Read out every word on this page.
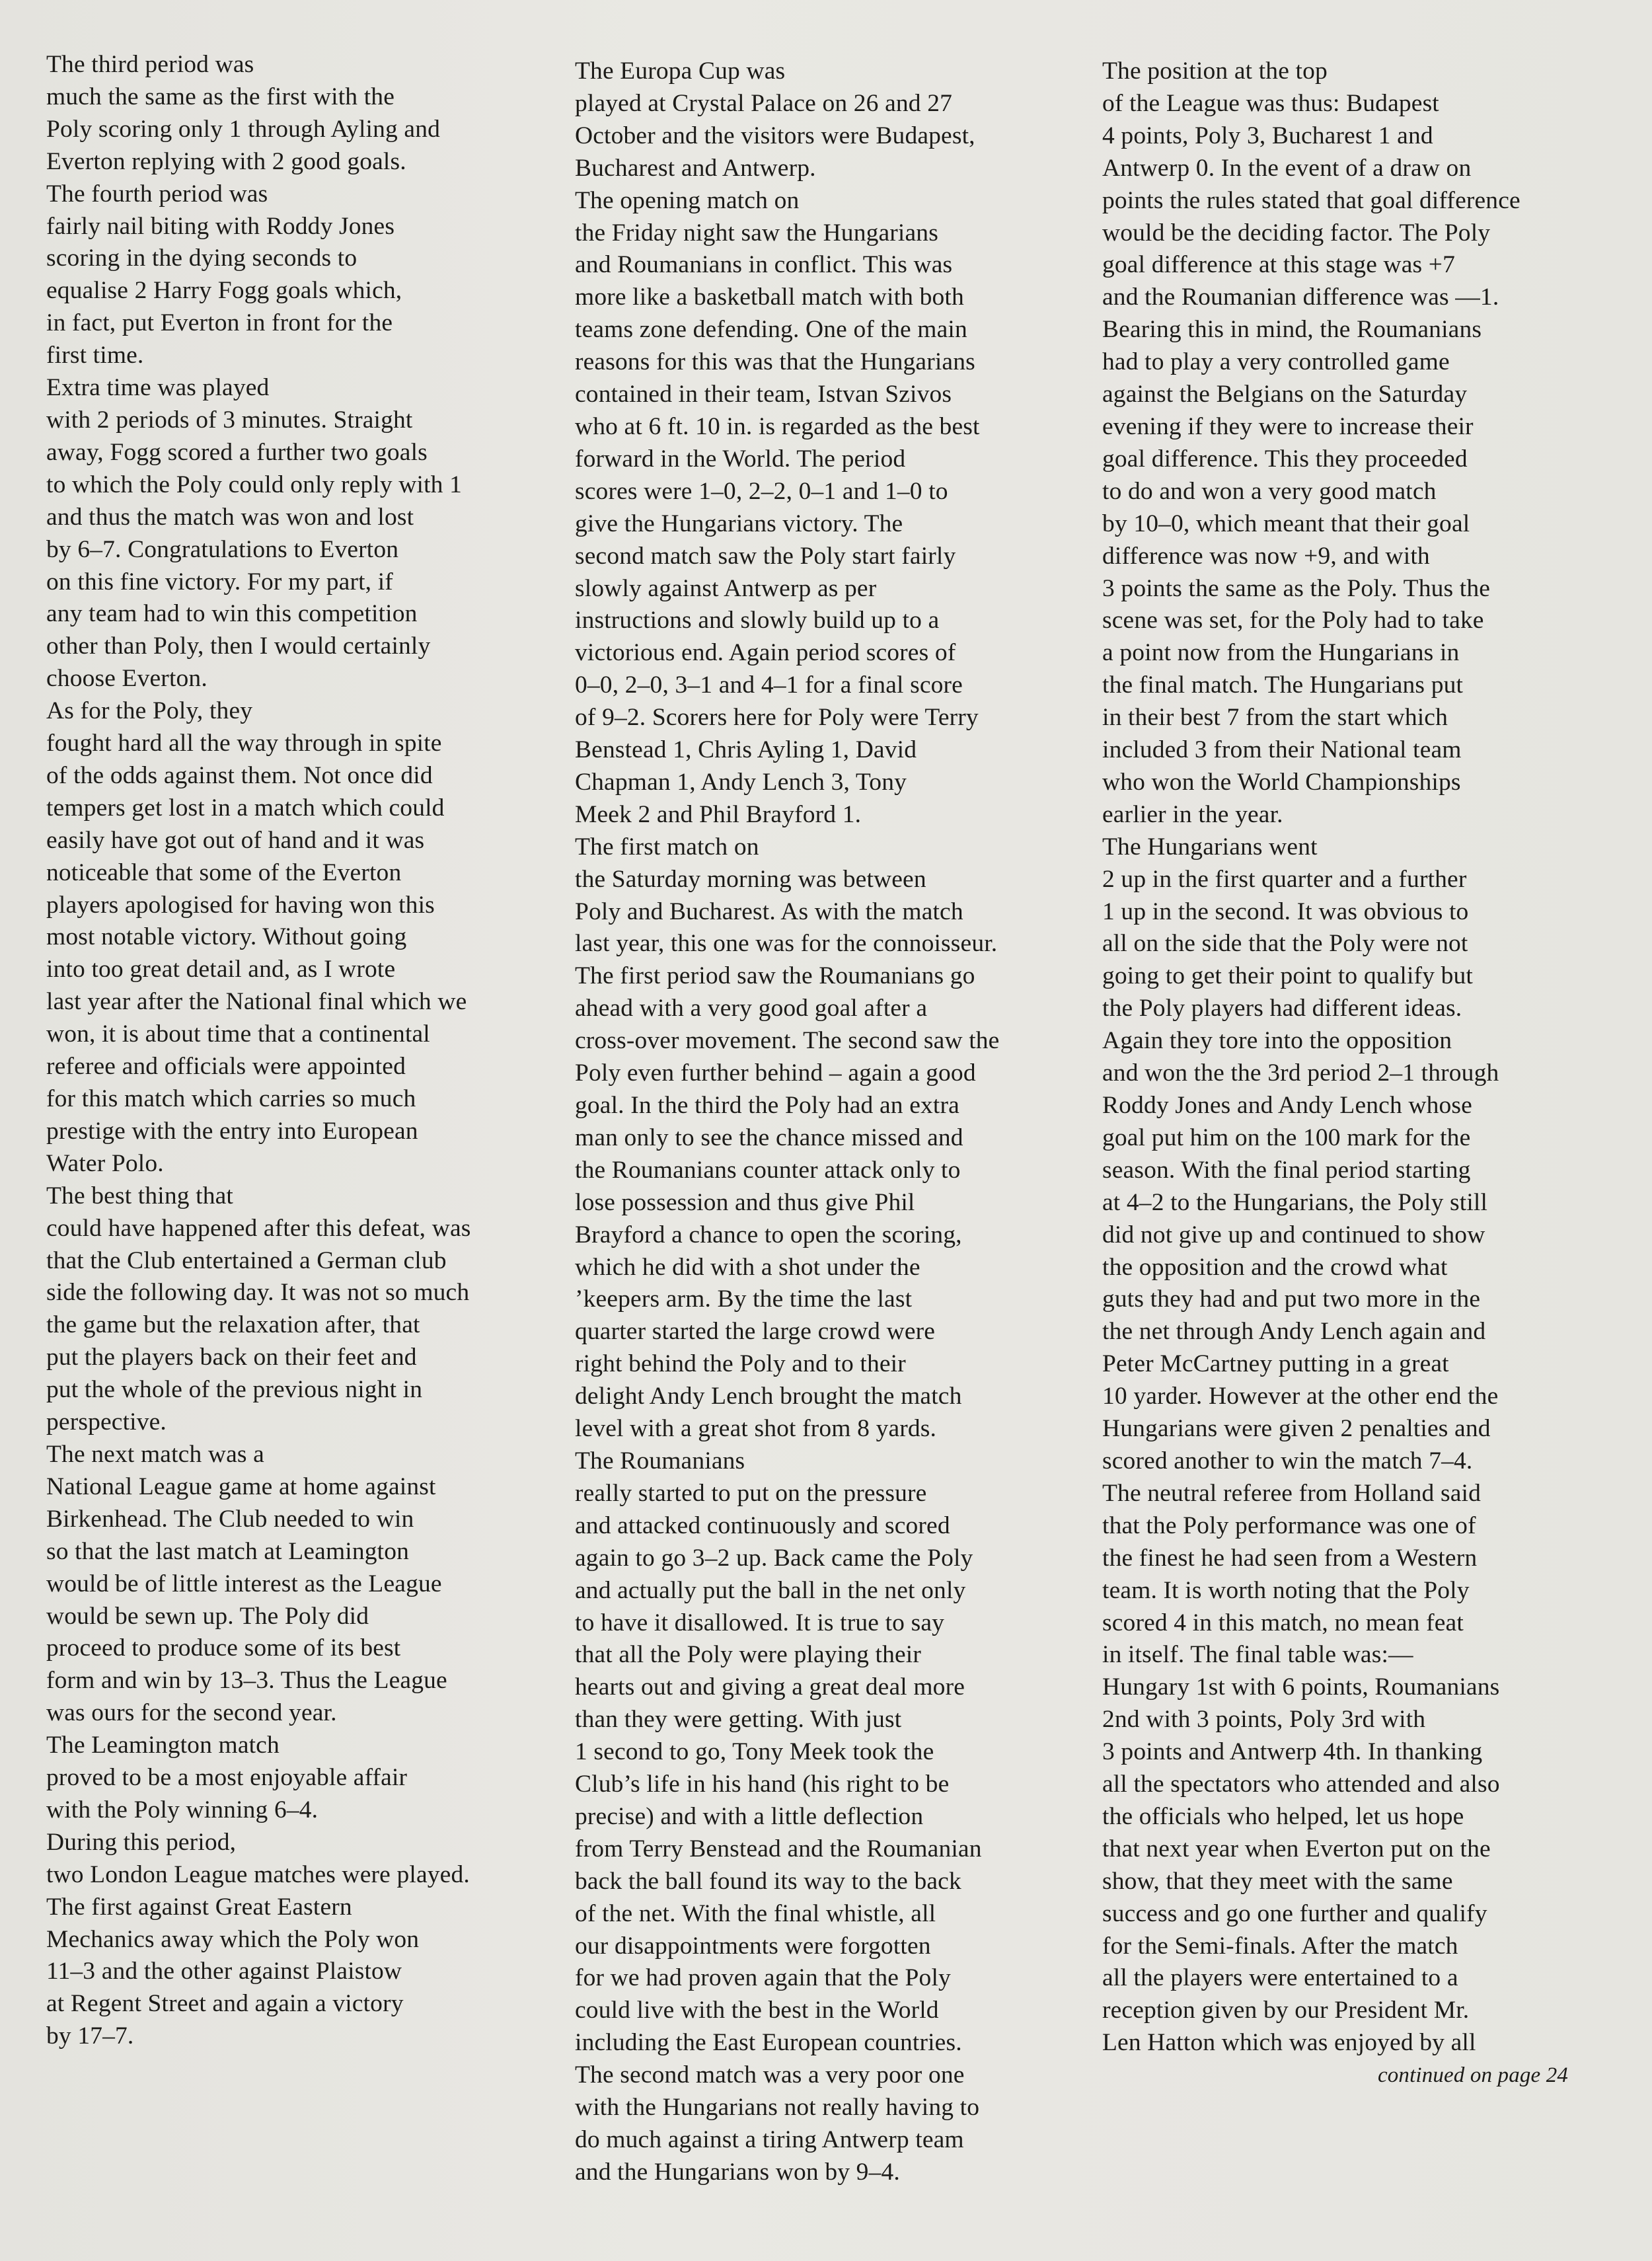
The third period was
much the same as the first with the
Poly scoring only 1 through Ayling and
Everton replying with 2 good goals.
The fourth period was
fairly nail biting with Roddy Jones
scoring in the dying seconds to
equalise 2 Harry Fogg goals which,
in fact, put Everton in front for the
first time.
Extra time was played
with 2 periods of 3 minutes. Straight
away, Fogg scored a further two goals
to which the Poly could only reply with 1
and thus the match was won and lost
by 6–7. Congratulations to Everton
on this fine victory. For my part, if
any team had to win this competition
other than Poly, then I would certainly
choose Everton.
As for the Poly, they
fought hard all the way through in spite
of the odds against them. Not once did
tempers get lost in a match which could
easily have got out of hand and it was
noticeable that some of the Everton
players apologised for having won this
most notable victory. Without going
into too great detail and, as I wrote
last year after the National final which we
won, it is about time that a continental
referee and officials were appointed
for this match which carries so much
prestige with the entry into European
Water Polo.
The best thing that
could have happened after this defeat, was
that the Club entertained a German club
side the following day. It was not so much
the game but the relaxation after, that
put the players back on their feet and
put the whole of the previous night in
perspective.
The next match was a
National League game at home against
Birkenhead. The Club needed to win
so that the last match at Leamington
would be of little interest as the League
would be sewn up. The Poly did
proceed to produce some of its best
form and win by 13–3. Thus the League
was ours for the second year.
The Leamington match
proved to be a most enjoyable affair
with the Poly winning 6–4.
During this period,
two London League matches were played.
The first against Great Eastern
Mechanics away which the Poly won
11–3 and the other against Plaistow
at Regent Street and again a victory
by 17–7.
The Europa Cup was
played at Crystal Palace on 26 and 27
October and the visitors were Budapest,
Bucharest and Antwerp.
The opening match on
the Friday night saw the Hungarians
and Roumanians in conflict. This was
more like a basketball match with both
teams zone defending. One of the main
reasons for this was that the Hungarians
contained in their team, Istvan Szivos
who at 6 ft. 10 in. is regarded as the best
forward in the World. The period
scores were 1–0, 2–2, 0–1 and 1–0 to
give the Hungarians victory. The
second match saw the Poly start fairly
slowly against Antwerp as per
instructions and slowly build up to a
victorious end. Again period scores of
0–0, 2–0, 3–1 and 4–1 for a final score
of 9–2. Scorers here for Poly were Terry
Benstead 1, Chris Ayling 1, David
Chapman 1, Andy Lench 3, Tony
Meek 2 and Phil Brayford 1.
The first match on
the Saturday morning was between
Poly and Bucharest. As with the match
last year, this one was for the connoisseur.
The first period saw the Roumanians go
ahead with a very good goal after a
cross-over movement. The second saw the
Poly even further behind – again a good
goal. In the third the Poly had an extra
man only to see the chance missed and
the Roumanians counter attack only to
lose possession and thus give Phil
Brayford a chance to open the scoring,
which he did with a shot under the
’keepers arm. By the time the last
quarter started the large crowd were
right behind the Poly and to their
delight Andy Lench brought the match
level with a great shot from 8 yards.
The Roumanians
really started to put on the pressure
and attacked continuously and scored
again to go 3–2 up. Back came the Poly
and actually put the ball in the net only
to have it disallowed. It is true to say
that all the Poly were playing their
hearts out and giving a great deal more
than they were getting. With just
1 second to go, Tony Meek took the
Club’s life in his hand (his right to be
precise) and with a little deflection
from Terry Benstead and the Roumanian
back the ball found its way to the back
of the net. With the final whistle, all
our disappointments were forgotten
for we had proven again that the Poly
could live with the best in the World
including the East European countries.
The second match was a very poor one
with the Hungarians not really having to
do much against a tiring Antwerp team
and the Hungarians won by 9–4.
The position at the top
of the League was thus: Budapest
4 points, Poly 3, Bucharest 1 and
Antwerp 0. In the event of a draw on
points the rules stated that goal difference
would be the deciding factor. The Poly
goal difference at this stage was +7
and the Roumanian difference was —1.
Bearing this in mind, the Roumanians
had to play a very controlled game
against the Belgians on the Saturday
evening if they were to increase their
goal difference. This they proceeded
to do and won a very good match
by 10–0, which meant that their goal
difference was now +9, and with
3 points the same as the Poly. Thus the
scene was set, for the Poly had to take
a point now from the Hungarians in
the final match. The Hungarians put
in their best 7 from the start which
included 3 from their National team
who won the World Championships
earlier in the year.
The Hungarians went
2 up in the first quarter and a further
1 up in the second. It was obvious to
all on the side that the Poly were not
going to get their point to qualify but
the Poly players had different ideas.
Again they tore into the opposition
and won the the 3rd period 2–1 through
Roddy Jones and Andy Lench whose
goal put him on the 100 mark for the
season. With the final period starting
at 4–2 to the Hungarians, the Poly still
did not give up and continued to show
the opposition and the crowd what
guts they had and put two more in the
the net through Andy Lench again and
Peter McCartney putting in a great
10 yarder. However at the other end the
Hungarians were given 2 penalties and
scored another to win the match 7–4.
The neutral referee from Holland said
that the Poly performance was one of
the finest he had seen from a Western
team. It is worth noting that the Poly
scored 4 in this match, no mean feat
in itself. The final table was:—
Hungary 1st with 6 points, Roumanians
2nd with 3 points, Poly 3rd with
3 points and Antwerp 4th. In thanking
all the spectators who attended and also
the officials who helped, let us hope
that next year when Everton put on the
show, that they meet with the same
success and go one further and qualify
for the Semi-finals. After the match
all the players were entertained to a
reception given by our President Mr.
Len Hatton which was enjoyed by all
continued on page 24
